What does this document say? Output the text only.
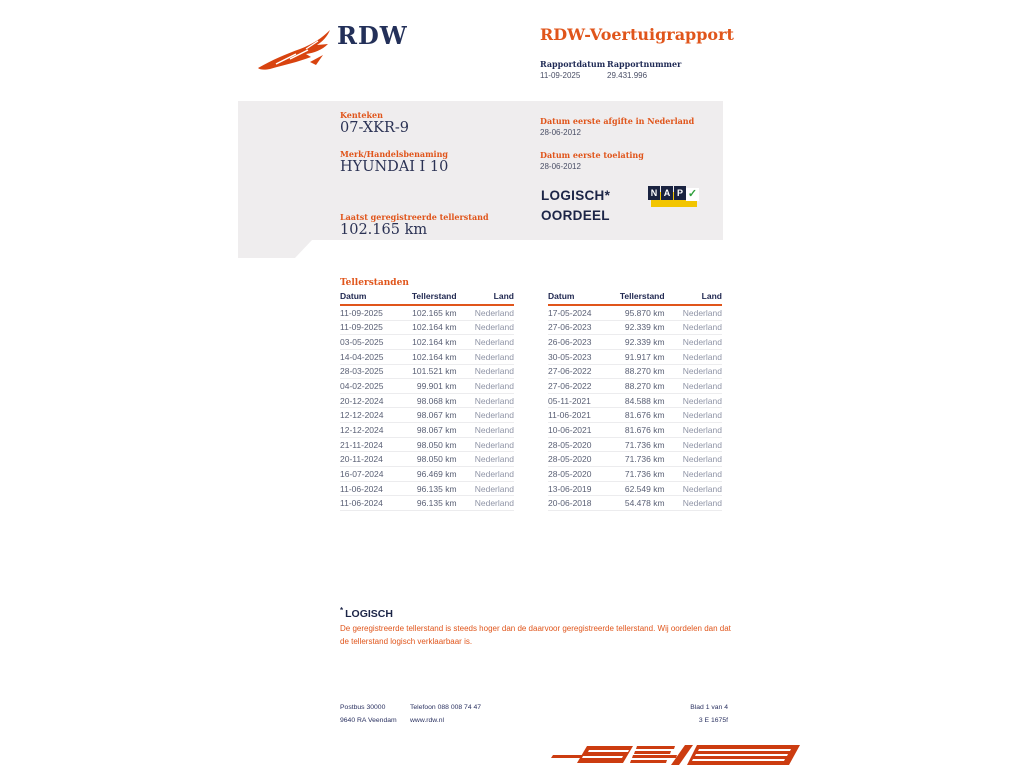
RDW	RDW-Voertuigrapport
Rapportdatum Rapportnummer
11-09-2025	29.431.996
Kenteken
07-XKR-9
Merk/Handelsbenaming
HYUNDAI I 10
Laatst geregistreerde tellerstand
102.165 km
Datum eerste afgifte in Nederland
28-06-2012
Datum eerste toelating
28-06-2012
LOGISCH*
OORDEEL
N A P ✓
Tellerstanden
Datum	Tellerstand	Land
11-09-2025	102.165 km	Nederland
11-09-2025	102.164 km	Nederland
03-05-2025	102.164 km	Nederland
14-04-2025	102.164 km	Nederland
28-03-2025	101.521 km	Nederland
04-02-2025	99.901 km	Nederland
20-12-2024	98.068 km	Nederland
12-12-2024	98.067 km	Nederland
12-12-2024	98.067 km	Nederland
21-11-2024	98.050 km	Nederland
20-11-2024	98.050 km	Nederland
16-07-2024	96.469 km	Nederland
11-06-2024	96.135 km	Nederland
11-06-2024	96.135 km	Nederland
Datum	Tellerstand	Land
17-05-2024	95.870 km	Nederland
27-06-2023	92.339 km	Nederland
26-06-2023	92.339 km	Nederland
30-05-2023	91.917 km	Nederland
27-06-2022	88.270 km	Nederland
27-06-2022	88.270 km	Nederland
05-11-2021	84.588 km	Nederland
11-06-2021	81.676 km	Nederland
10-06-2021	81.676 km	Nederland
28-05-2020	71.736 km	Nederland
28-05-2020	71.736 km	Nederland
28-05-2020	71.736 km	Nederland
13-06-2019	62.549 km	Nederland
20-06-2018	54.478 km	Nederland
* LOGISCH
De geregistreerde tellerstand is steeds hoger dan de daarvoor geregistreerde tellerstand. Wij oordelen dan dat de tellerstand logisch verklaarbaar is.
Postbus 30000
9640 RA Veendam
Telefoon 088 008 74 47
www.rdw.nl
Blad 1 van 4
3 E 1675f
